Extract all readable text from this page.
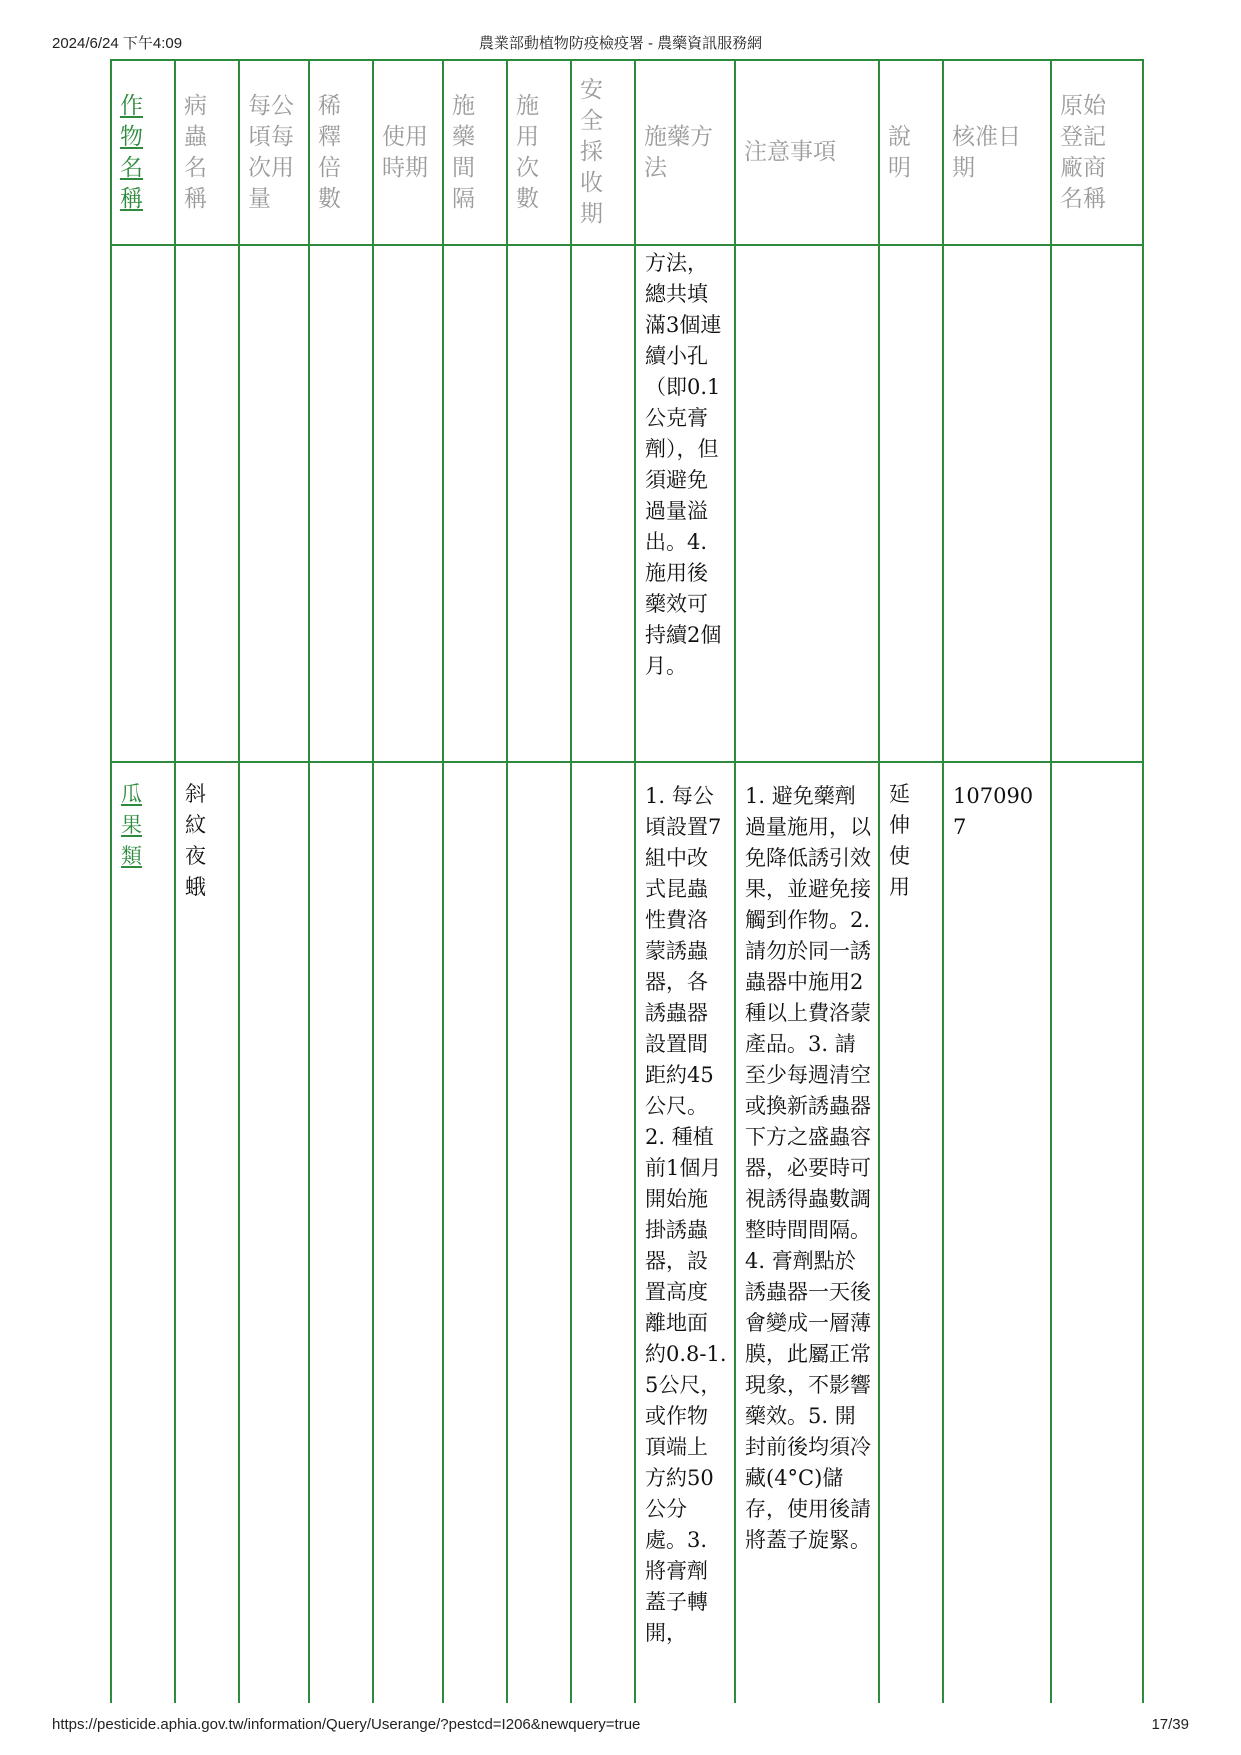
2024/6/24 下午4:09	農業部動植物防疫檢疫署 - 農藥資訊服務網
作物名稱	病蟲名稱	每公頃每次用量	稀釋倍數	使用時期	施藥間隔	施用次數	安全採收期	施藥方法	注意事項	說明	核准日期	原始登記廠商名稱

								方法，總共填滿3個連續小孔（即0.1公克膏劑），但須避免過量溢出。4. 施用後藥效可持續2個月。				

瓜果類	斜紋夜蛾							1. 每公頃設置7組中改式昆蟲性費洛蒙誘蟲器，各誘蟲器設置間距約45公尺。2. 種植前1個月開始施掛誘蟲器，設置高度離地面約0.8-1.5公尺，或作物頂端上方約50公分處。3. 將膏劑蓋子轉開，	1. 避免藥劑過量施用，以免降低誘引效果，並避免接觸到作物。2. 請勿於同一誘蟲器中施用2種以上費洛蒙產品。3. 請至少每週清空或換新誘蟲器下方之盛蟲容器，必要時可視誘得蟲數調整時間間隔。4. 膏劑點於誘蟲器一天後會變成一層薄膜，此屬正常現象，不影響藥效。5. 開封前後均須冷藏(4°C)儲存，使用後請將蓋子旋緊。	延伸使用	1070907	

https://pesticide.aphia.gov.tw/information/Query/Userange/?pestcd=I206&newquery=true	17/39
